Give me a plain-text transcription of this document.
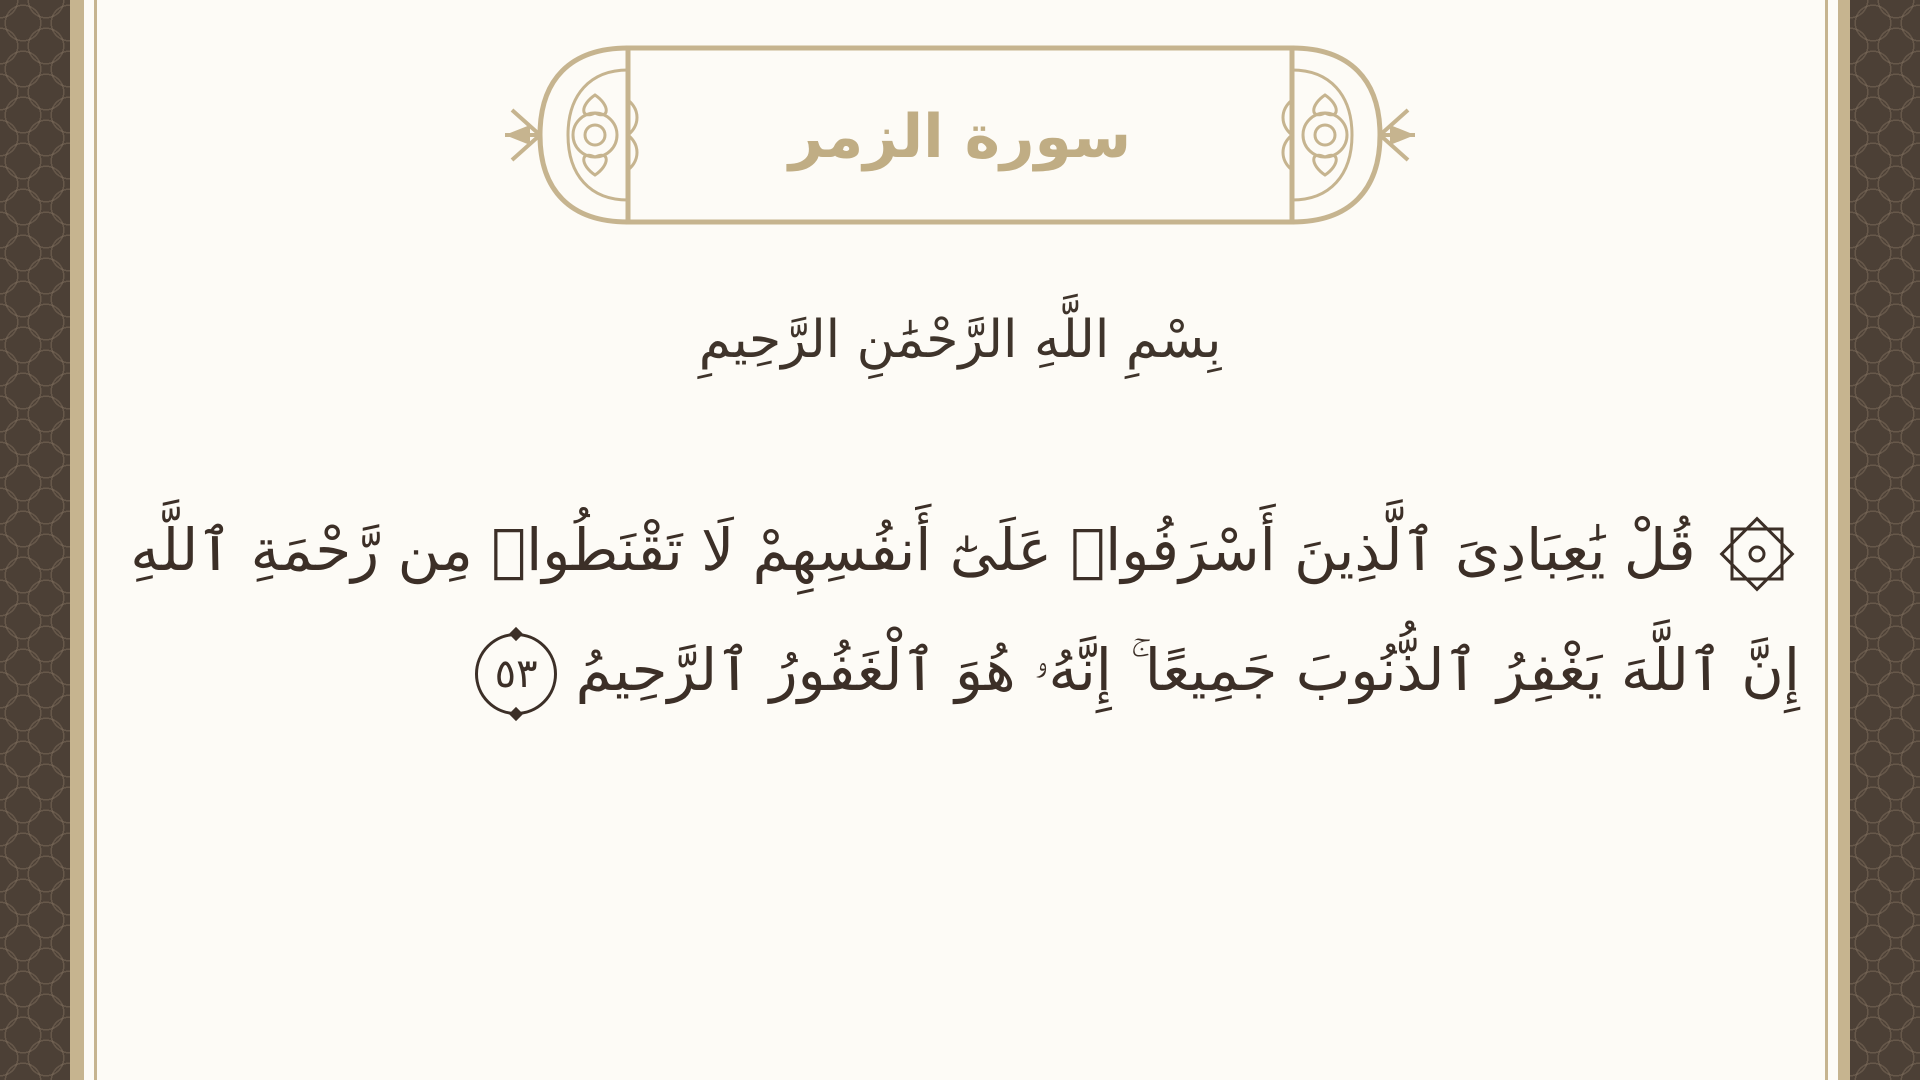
سورة الزمر
بِسْمِ اللَّهِ الرَّحْمَٰنِ الرَّحِيمِ
قُلْ يَٰعِبَادِىَ ٱلَّذِينَ أَسْرَفُوا۟ عَلَىٰٓ أَنفُسِهِمْ لَا تَقْنَطُوا۟ مِن رَّحْمَةِ ٱللَّهِ
إِنَّ ٱللَّهَ يَغْفِرُ ٱلذُّنُوبَ جَمِيعًا ۚ إِنَّهُۥ هُوَ ٱلْغَفُورُ ٱلرَّحِيمُ ٥٣
